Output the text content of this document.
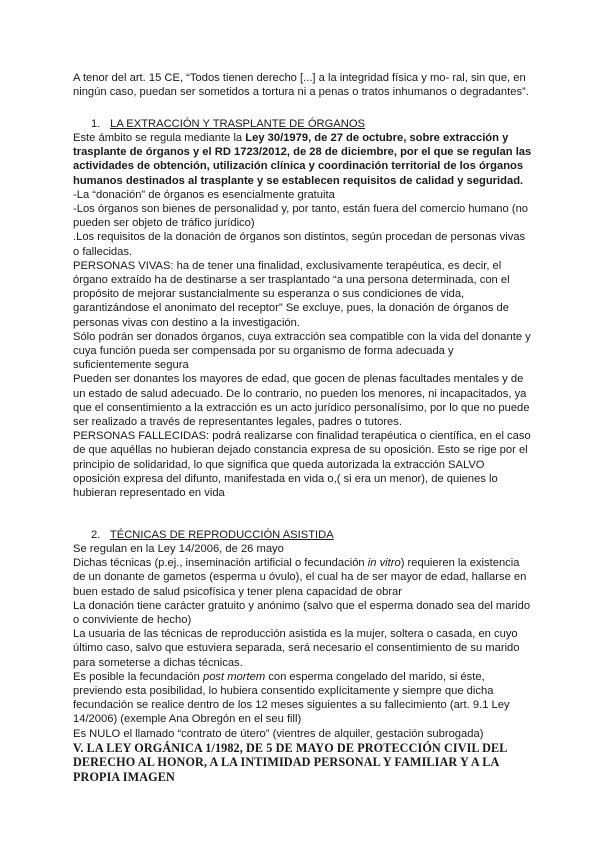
A tenor del art. 15 CE, “Todos tienen derecho [...] a la integridad física y mo- ral, sin que, en ningún caso, puedan ser sometidos a tortura ni a penas o tratos inhumanos o degradantes”.

1. LA EXTRACCIÓN Y TRASPLANTE DE ÓRGANOS

Este ámbito se regula mediante la Ley 30/1979, de 27 de octubre, sobre extracción y trasplante de órganos y el RD 1723/2012, de 28 de diciembre, por el que se regulan las actividades de obtención, utilización clínica y coordinación territorial de los órganos humanos destinados al trasplante y se establecen requisitos de calidad y seguridad.

-La “donación” de órganos es esencialmente gratuita

-Los órganos son bienes de personalidad y, por tanto, están fuera del comercio humano (no pueden ser objeto de tráfico jurídico)

.Los requisitos de la donación de órganos son distintos, según procedan de personas vivas o fallecidas.

PERSONAS VIVAS: ha de tener una finalidad, exclusivamente terapéutica, es decir, el órgano extraído ha de destinarse a ser trasplantado “a una persona determinada, con el propósito de mejorar sustancialmente su esperanza o sus condiciones de vida, garantizándose el anonimato del receptor” Se excluye, pues, la donación de órganos de personas vivas con destino a la investigación.

Sólo podrán ser donados órganos, cuya extracción sea compatible con la vida del donante y cuya función pueda ser compensada por su organismo de forma adecuada y suficientemente segura

Pueden ser donantes los mayores de edad, que gocen de plenas facultades mentales y de un estado de salud adecuado. De lo contrario, no pueden los menores, ni incapacitados, ya que el consentimiento a la extracción es un acto jurídico personalísimo, por lo que no puede ser realizado a través de representantes legales, padres o tutores.

PERSONAS FALLECIDAS: podrá realizarse con finalidad terapéutica o científica, en el caso de que aquéllas no hubieran dejado constancia expresa de su oposición. Esto se rige por el principio de solidaridad, lo que significa que queda autorizada la extracción SALVO oposición expresa del difunto, manifestada en vida o,( si era un menor), de quienes lo hubieran representado en vida

2. TÉCNICAS DE REPRODUCCIÓN ASISTIDA

Se regulan en la Ley 14/2006, de 26 mayo

Dichas técnicas (p.ej., inseminación artificial o fecundación in vitro) requieren la existencia de un donante de gametos (esperma u óvulo), el cual ha de ser mayor de edad, hallarse en buen estado de salud psicofísica y tener plena capacidad de obrar

La donación tiene carácter gratuito y anónimo (salvo que el esperma donado sea del marido o conviviente de hecho)

La usuaria de las técnicas de reproducción asistida es la mujer, soltera o casada, en cuyo último caso, salvo que estuviera separada, será necesario el consentimiento de su marido para someterse a dichas técnicas.

Es posible la fecundación post mortem con esperma congelado del marido, si éste, previendo esta posibilidad, lo hubiera consentido explícitamente y siempre que dicha fecundación se realice dentro de los 12 meses siguientes a su fallecimiento (art. 9.1 Ley 14/2006) (exemple Ana Obregón en el seu fill)

Es NULO el llamado “contrato de útero” (vientres de alquiler, gestación subrogada)

V. LA LEY ORGÁNICA 1/1982, DE 5 DE MAYO DE PROTECCIÓN CIVIL DEL DERECHO AL HONOR, A LA INTIMIDAD PERSONAL Y FAMILIAR Y A LA PROPIA IMAGEN
